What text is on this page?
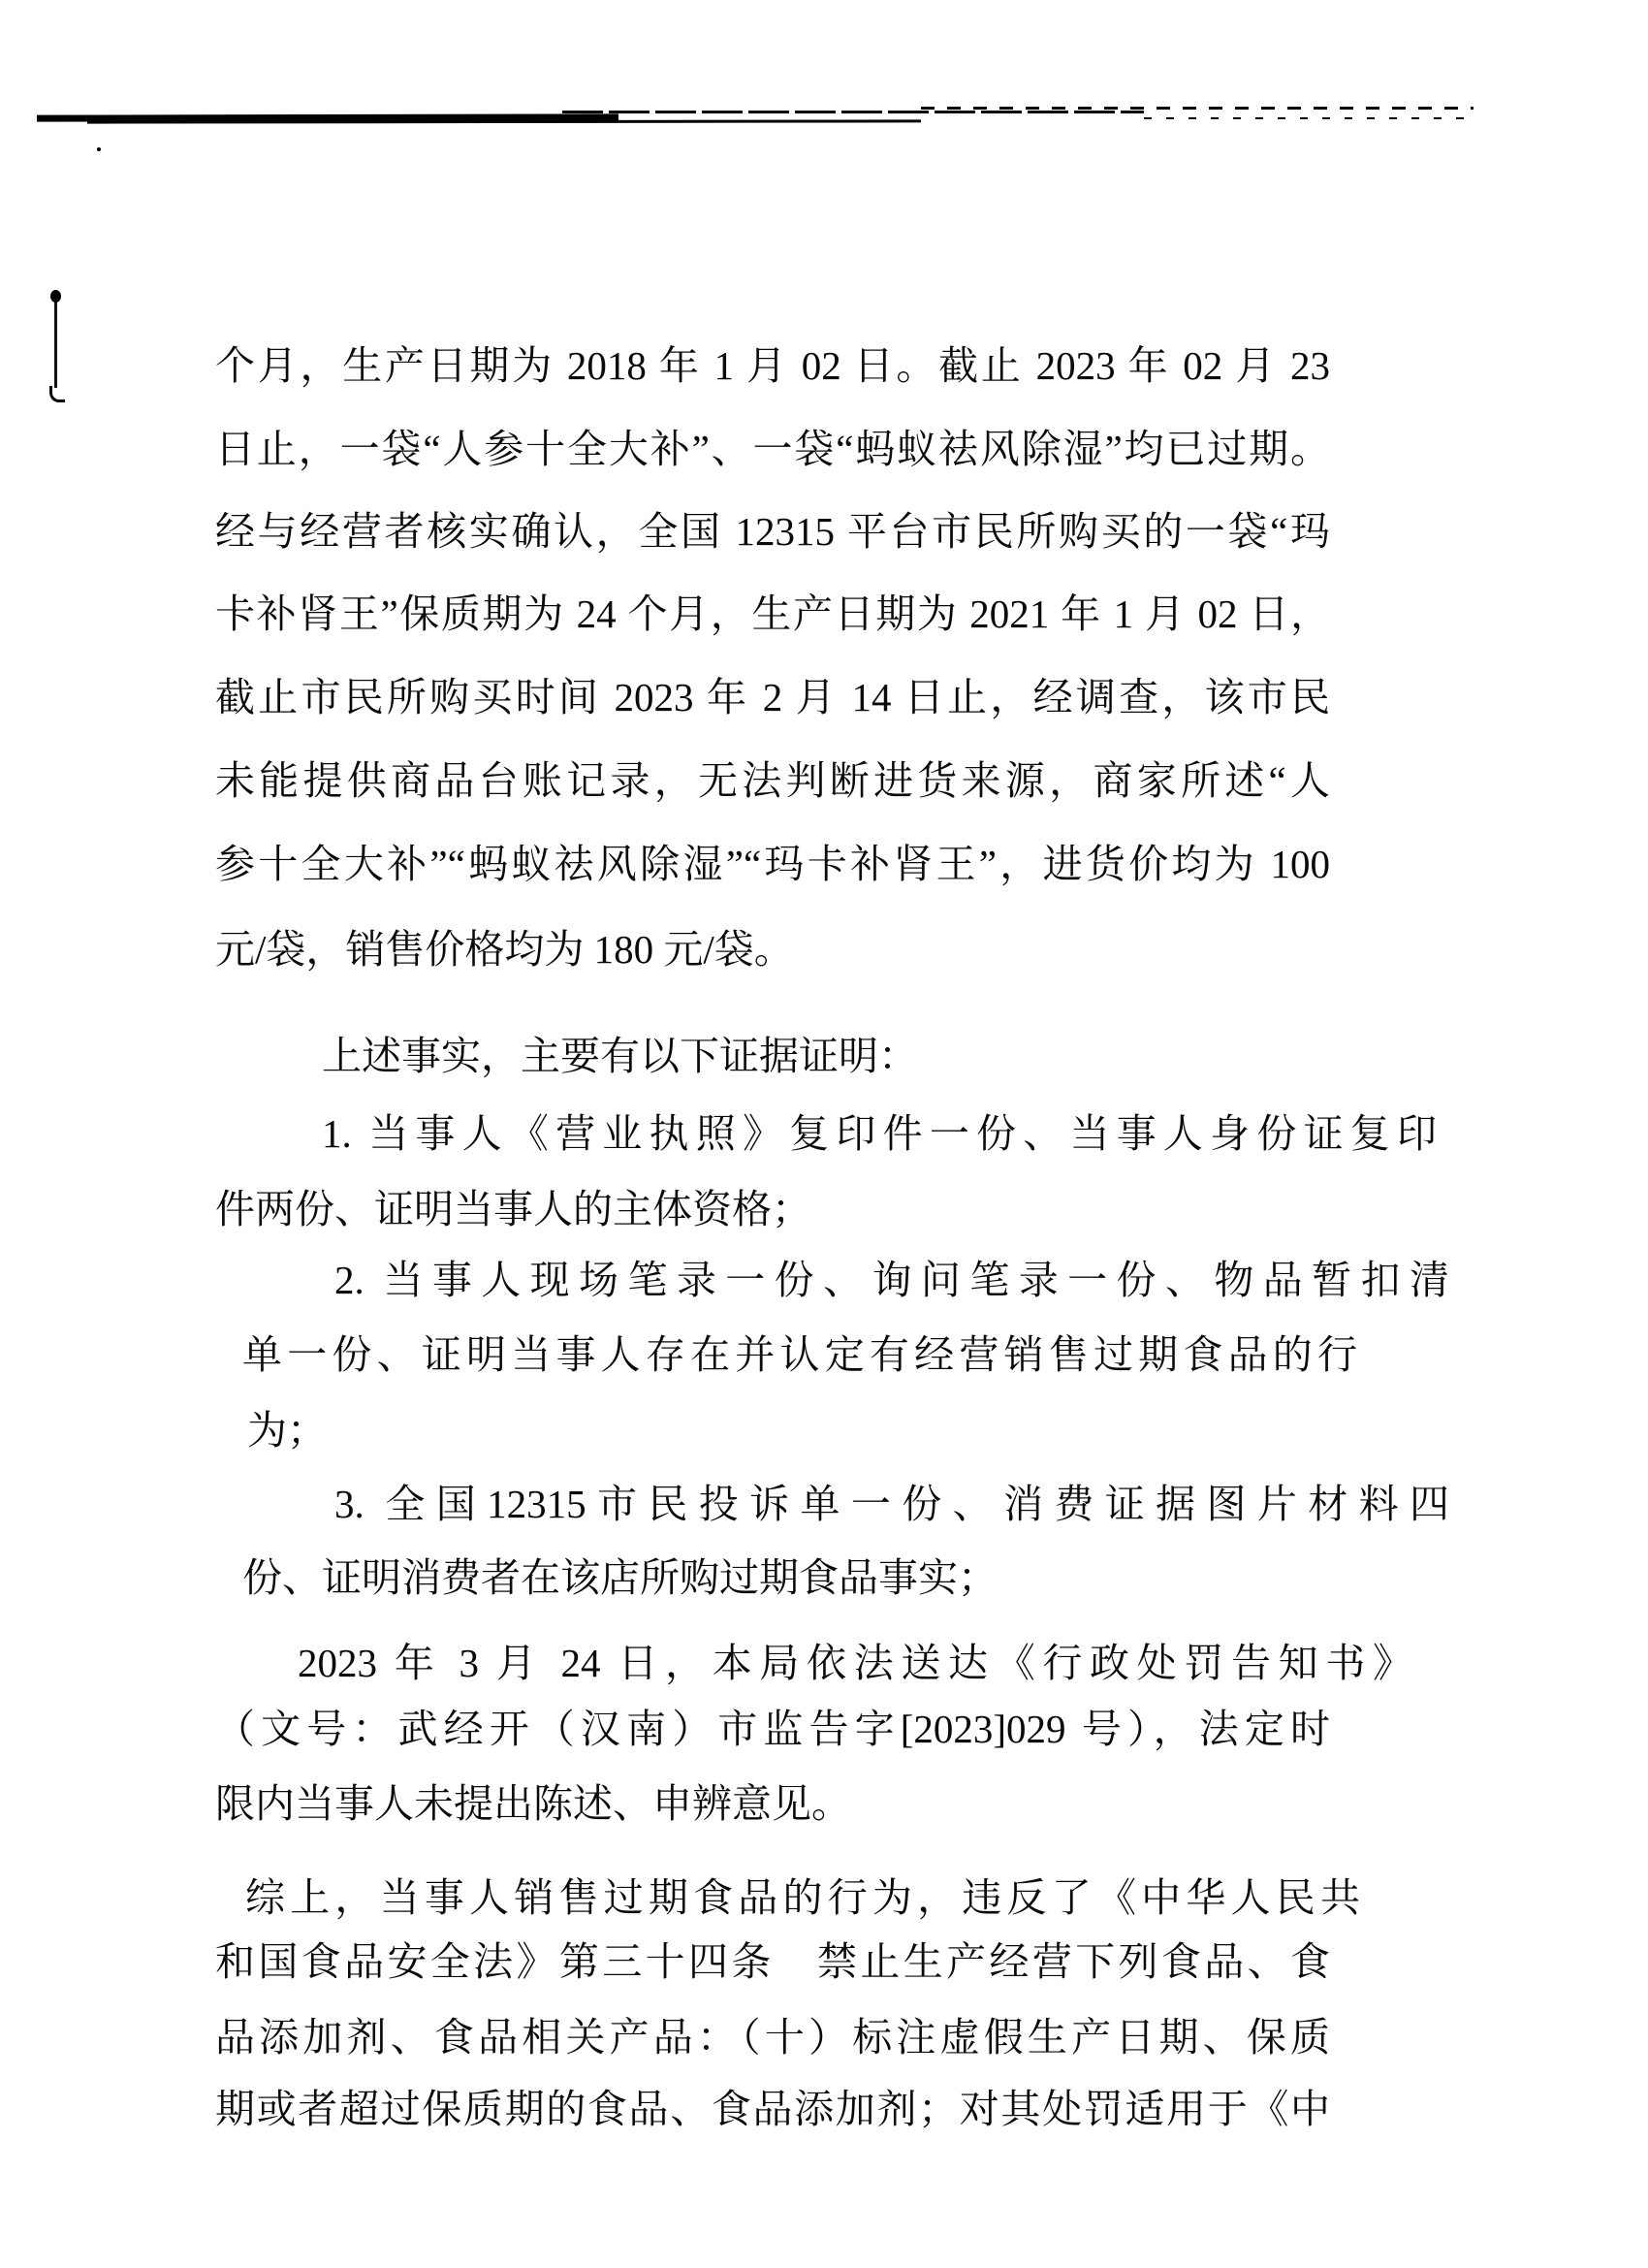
个月，生产日期为 2018 年 1 月 02 日。截止 2023 年 02 月 23
日止，一袋“人参十全大补”、一袋“蚂蚁祛风除湿”均已过期。
经与经营者核实确认，全国 12315 平台市民所购买的一袋“玛
卡补肾王”保质期为 24 个月，生产日期为 2021 年 1 月 02 日，
截止市民所购买时间 2023 年 2 月 14 日止，经调查，该市民
未能提供商品台账记录，无法判断进货来源，商家所述“人
参十全大补”“蚂蚁祛风除湿”“玛卡补肾王”，进货价均为 100
元/袋，销售价格均为 180 元/袋。
上述事实，主要有以下证据证明：
1. 当事人《营业执照》复印件一份、当事人身份证复印
件两份、证明当事人的主体资格；
2. 当事人现场笔录一份、询问笔录一份、物品暂扣清
单一份、证明当事人存在并认定有经营销售过期食品的行
为；
3. 全国12315市民投诉单一份、消费证据图片材料四
份、证明消费者在该店所购过期食品事实；
2023 年 3 月 24 日，本局依法送达《行政处罚告知书》
（文号：武经开（汉南）市监告字[2023]029 号），法定时
限内当事人未提出陈述、申辨意见。
综上，当事人销售过期食品的行为，违反了《中华人民共
和国食品安全法》第三十四条　禁止生产经营下列食品、食
品添加剂、食品相关产品：（十）标注虚假生产日期、保质
期或者超过保质期的食品、食品添加剂；对其处罚适用于《中
